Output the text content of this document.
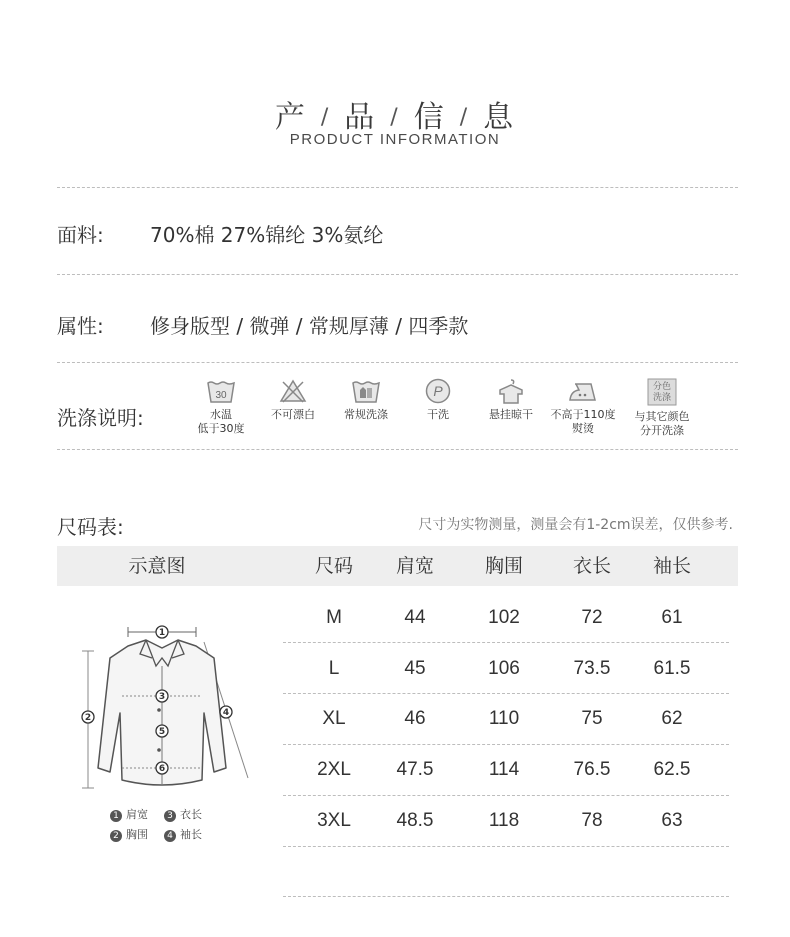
产 / 品 / 信 / 息
PRODUCT INFORMATION
面料: 70%棉 27%锦纶 3%氨纶
属性: 修身版型 / 微弹 / 常规厚薄 / 四季款
洗涤说明:
30
水温
低于30度
不可漂白	常规洗涤
P
干洗	悬挂晾干	不高于110度
熨烫
分色
洗涤
与其它颜色
分开洗涤
尺码表:	尺寸为实物测量，测量会有1-2cm误差，仅供参考.
示意图	尺码	肩宽	胸围	衣长	袖长
M	44	102	72	61
L	45	106	73.5	61.5
XL	46	110	75	62
2XL	47.5	114	76.5	62.5
3XL	48.5	118	78	63
1
2
3
4
5
6
1 肩宽	3 衣长
2 胸围	4 袖长
